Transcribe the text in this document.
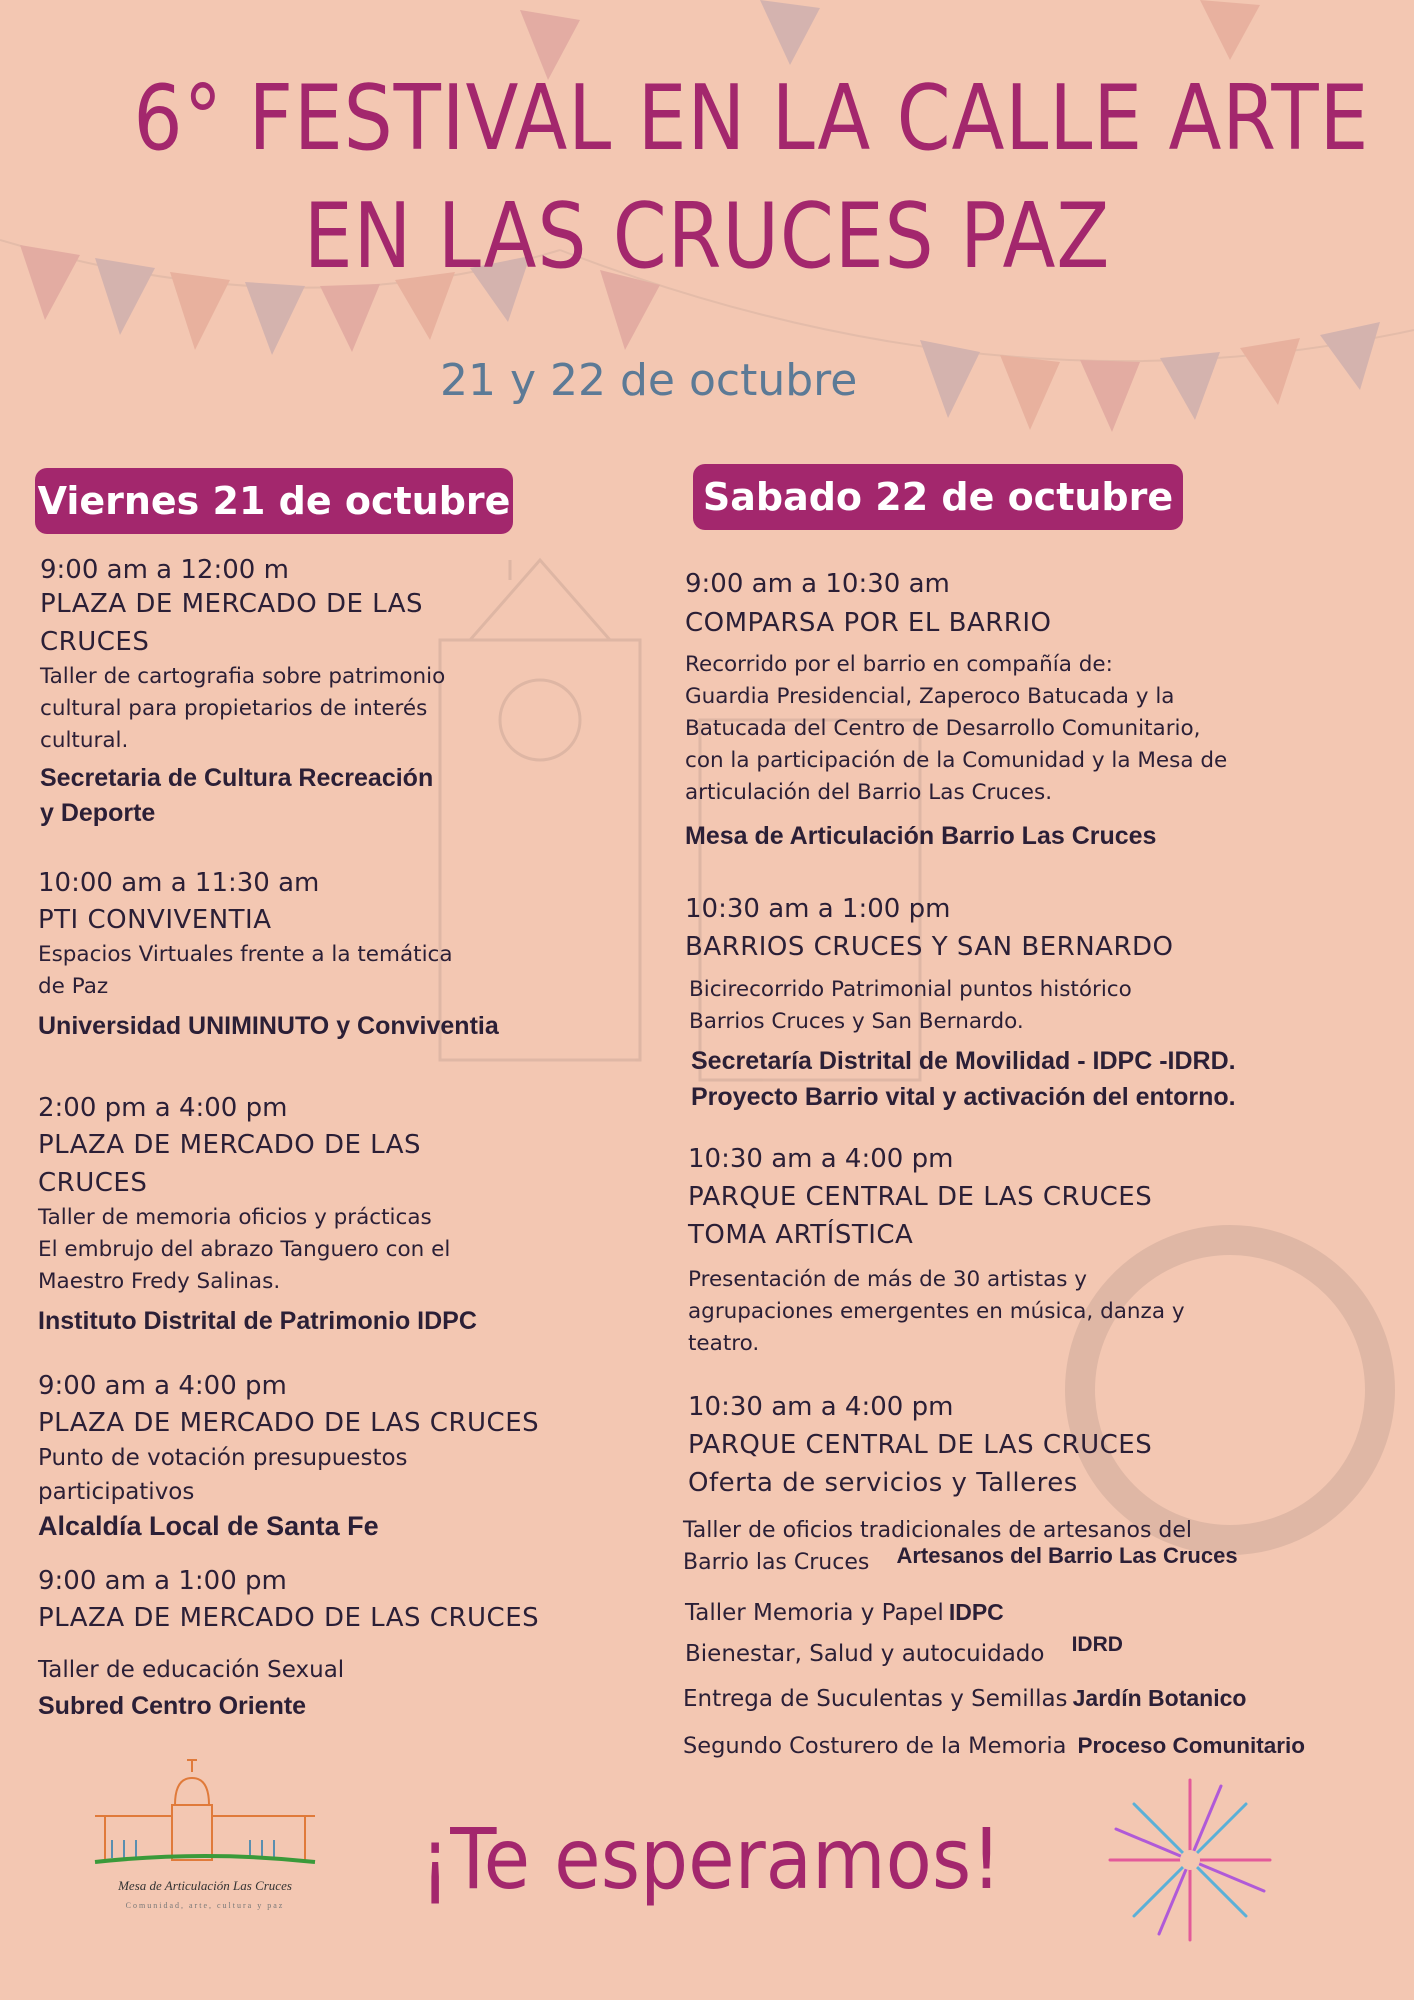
6° FESTIVAL EN LA CALLE ARTE
EN LAS CRUCES PAZ

21 y 22 de octubre

Viernes 21 de octubre	Sabado 22 de octubre
9:00 am a 12:00 m
PLAZA DE MERCADO DE LAS CRUCES
Taller de cartografia sobre patrimonio
cultural para propietarios de interés
cultural.
Secretaria de Cultura Recreación
y Deporte
10:00 am a 11:30 am
PTI CONVIVENTIA
Espacios Virtuales frente a la temática
de Paz
Universidad UNIMINUTO y Conviventia
2:00 pm a 4:00 pm
PLAZA DE MERCADO DE LAS CRUCES
Taller de memoria oficios y prácticas
El embrujo del abrazo Tanguero con el
Maestro Fredy Salinas.
Instituto Distrital de Patrimonio IDPC
9:00 am a 4:00 pm
PLAZA DE MERCADO DE LAS CRUCES
Punto de votación presupuestos
participativos
Alcaldía Local de Santa Fe
9:00 am a 1:00 pm
PLAZA DE MERCADO DE LAS CRUCES
Taller de educación Sexual
Subred Centro Oriente
9:00 am a 10:30 am
COMPARSA POR EL BARRIO
Recorrido por el barrio en compañía de:
Guardia Presidencial, Zaperoco Batucada y la
Batucada del Centro de Desarrollo Comunitario,
con la participación de la Comunidad y la Mesa de
articulación del Barrio Las Cruces.
Mesa de Articulación Barrio Las Cruces
10:30 am a 1:00 pm
BARRIOS CRUCES Y SAN BERNARDO
Bicirecorrido Patrimonial puntos histórico
Barrios Cruces y San Bernardo.
Secretaría Distrital de Movilidad - IDPC -IDRD.
Proyecto Barrio vital y activación del entorno.
10:30 am a 4:00 pm
PARQUE CENTRAL DE LAS CRUCES
TOMA ARTÍSTICA
Presentación de más de 30 artistas y
agrupaciones emergentes en música, danza y
teatro.
10:30 am a 4:00 pm
PARQUE CENTRAL DE LAS CRUCES
Oferta de servicios y Talleres
Taller de oficios tradicionales de artesanos del
Barrio las Cruces Artesanos del Barrio Las Cruces
Taller Memoria y Papel IDPC
Bienestar, Salud y autocuidado IDRD
Entrega de Suculentas y Semillas Jardín Botanico
Segundo Costurero de la Memoria Proceso Comunitario
Mesa de Articulación Las Cruces
Comunidad, arte, cultura y paz ¡Te esperamos!
